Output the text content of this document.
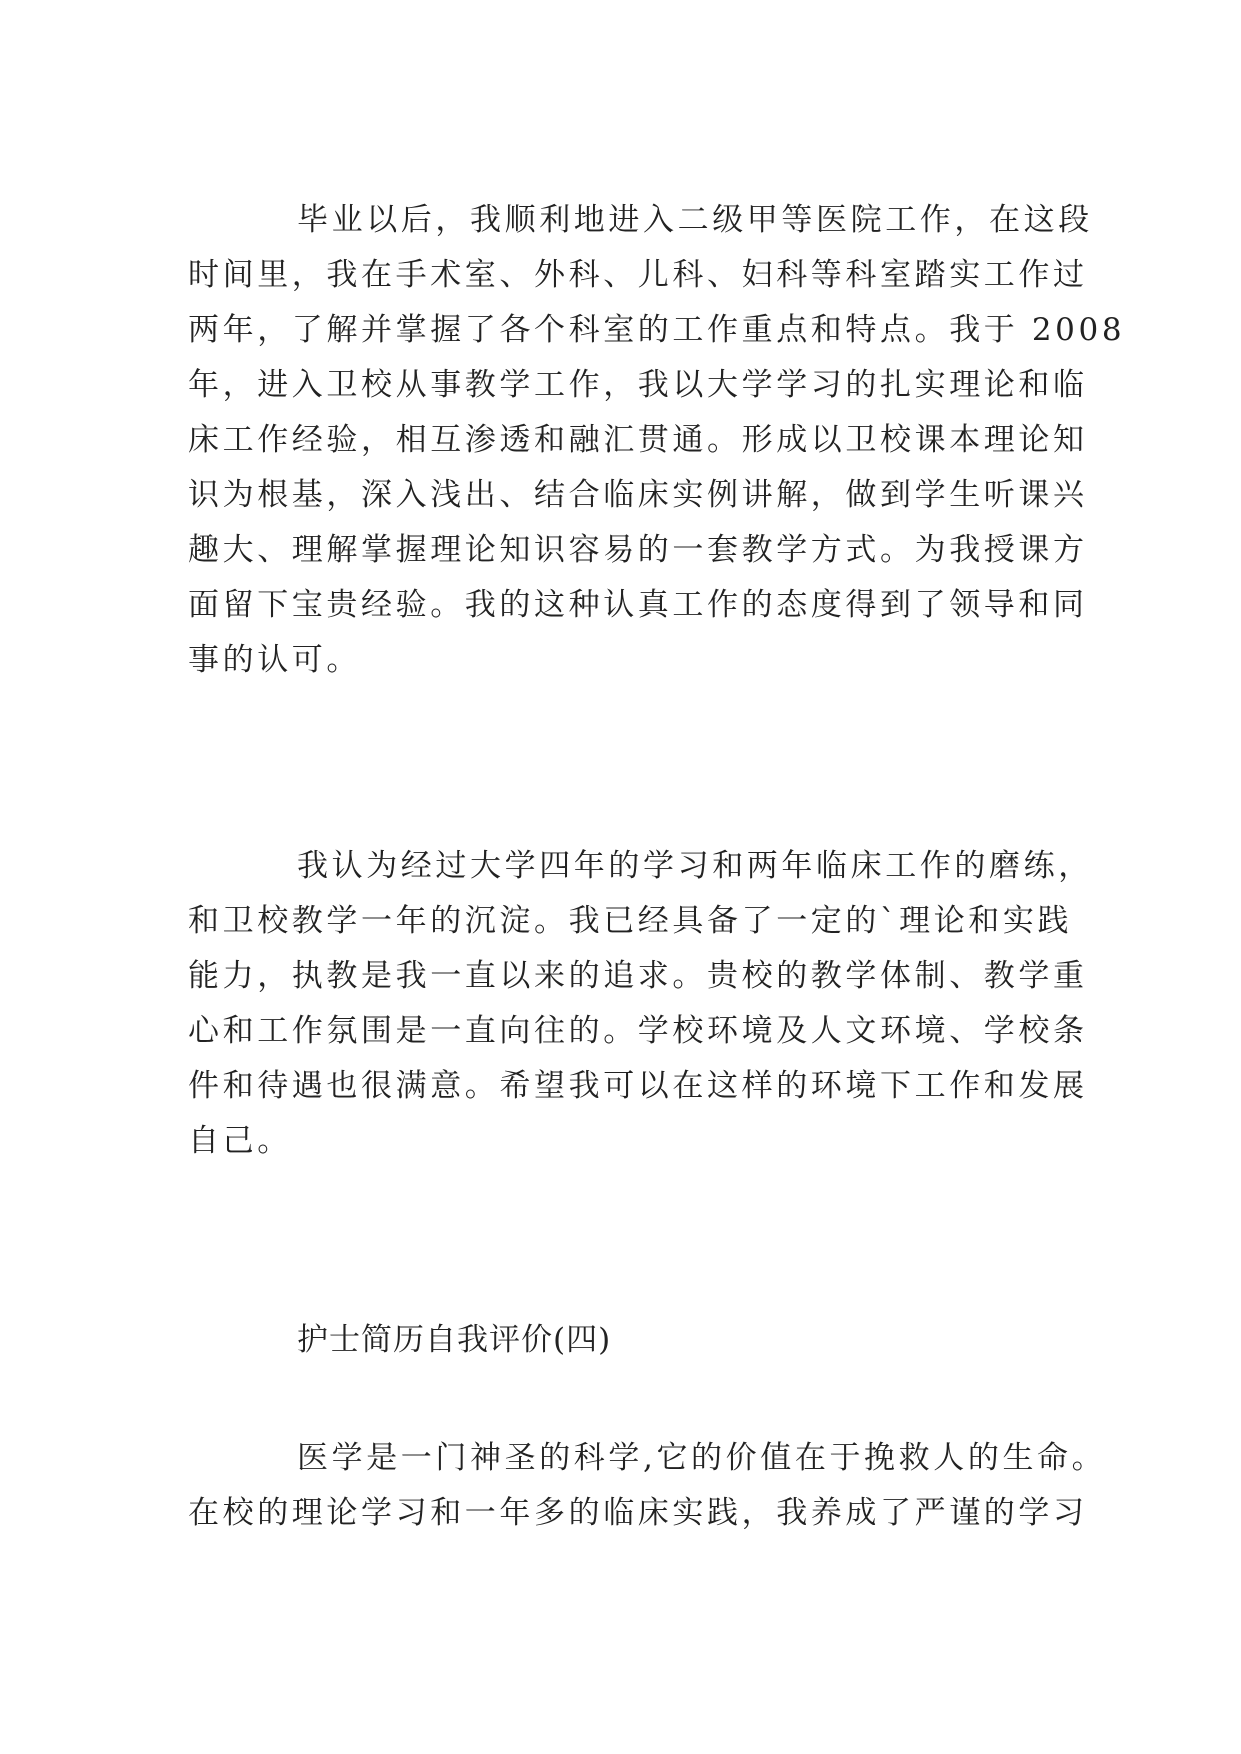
毕业以后，我顺利地进入二级甲等医院工作，在这段
时间里，我在手术室、外科、儿科、妇科等科室踏实工作过
两年，了解并掌握了各个科室的工作重点和特点。我于 2008
年，进入卫校从事教学工作，我以大学学习的扎实理论和临
床工作经验，相互渗透和融汇贯通。形成以卫校课本理论知
识为根基，深入浅出、结合临床实例讲解，做到学生听课兴
趣大、理解掌握理论知识容易的一套教学方式。为我授课方
面留下宝贵经验。我的这种认真工作的态度得到了领导和同
事的认可。
我认为经过大学四年的学习和两年临床工作的磨练，
和卫校教学一年的沉淀。我已经具备了一定的`理论和实践
能力，执教是我一直以来的追求。贵校的教学体制、教学重
心和工作氛围是一直向往的。学校环境及人文环境、学校条
件和待遇也很满意。希望我可以在这样的环境下工作和发展
自己。
护士简历自我评价(四)
医学是一门神圣的科学,它的价值在于挽救人的生命。
在校的理论学习和一年多的临床实践，我养成了严谨的学习
